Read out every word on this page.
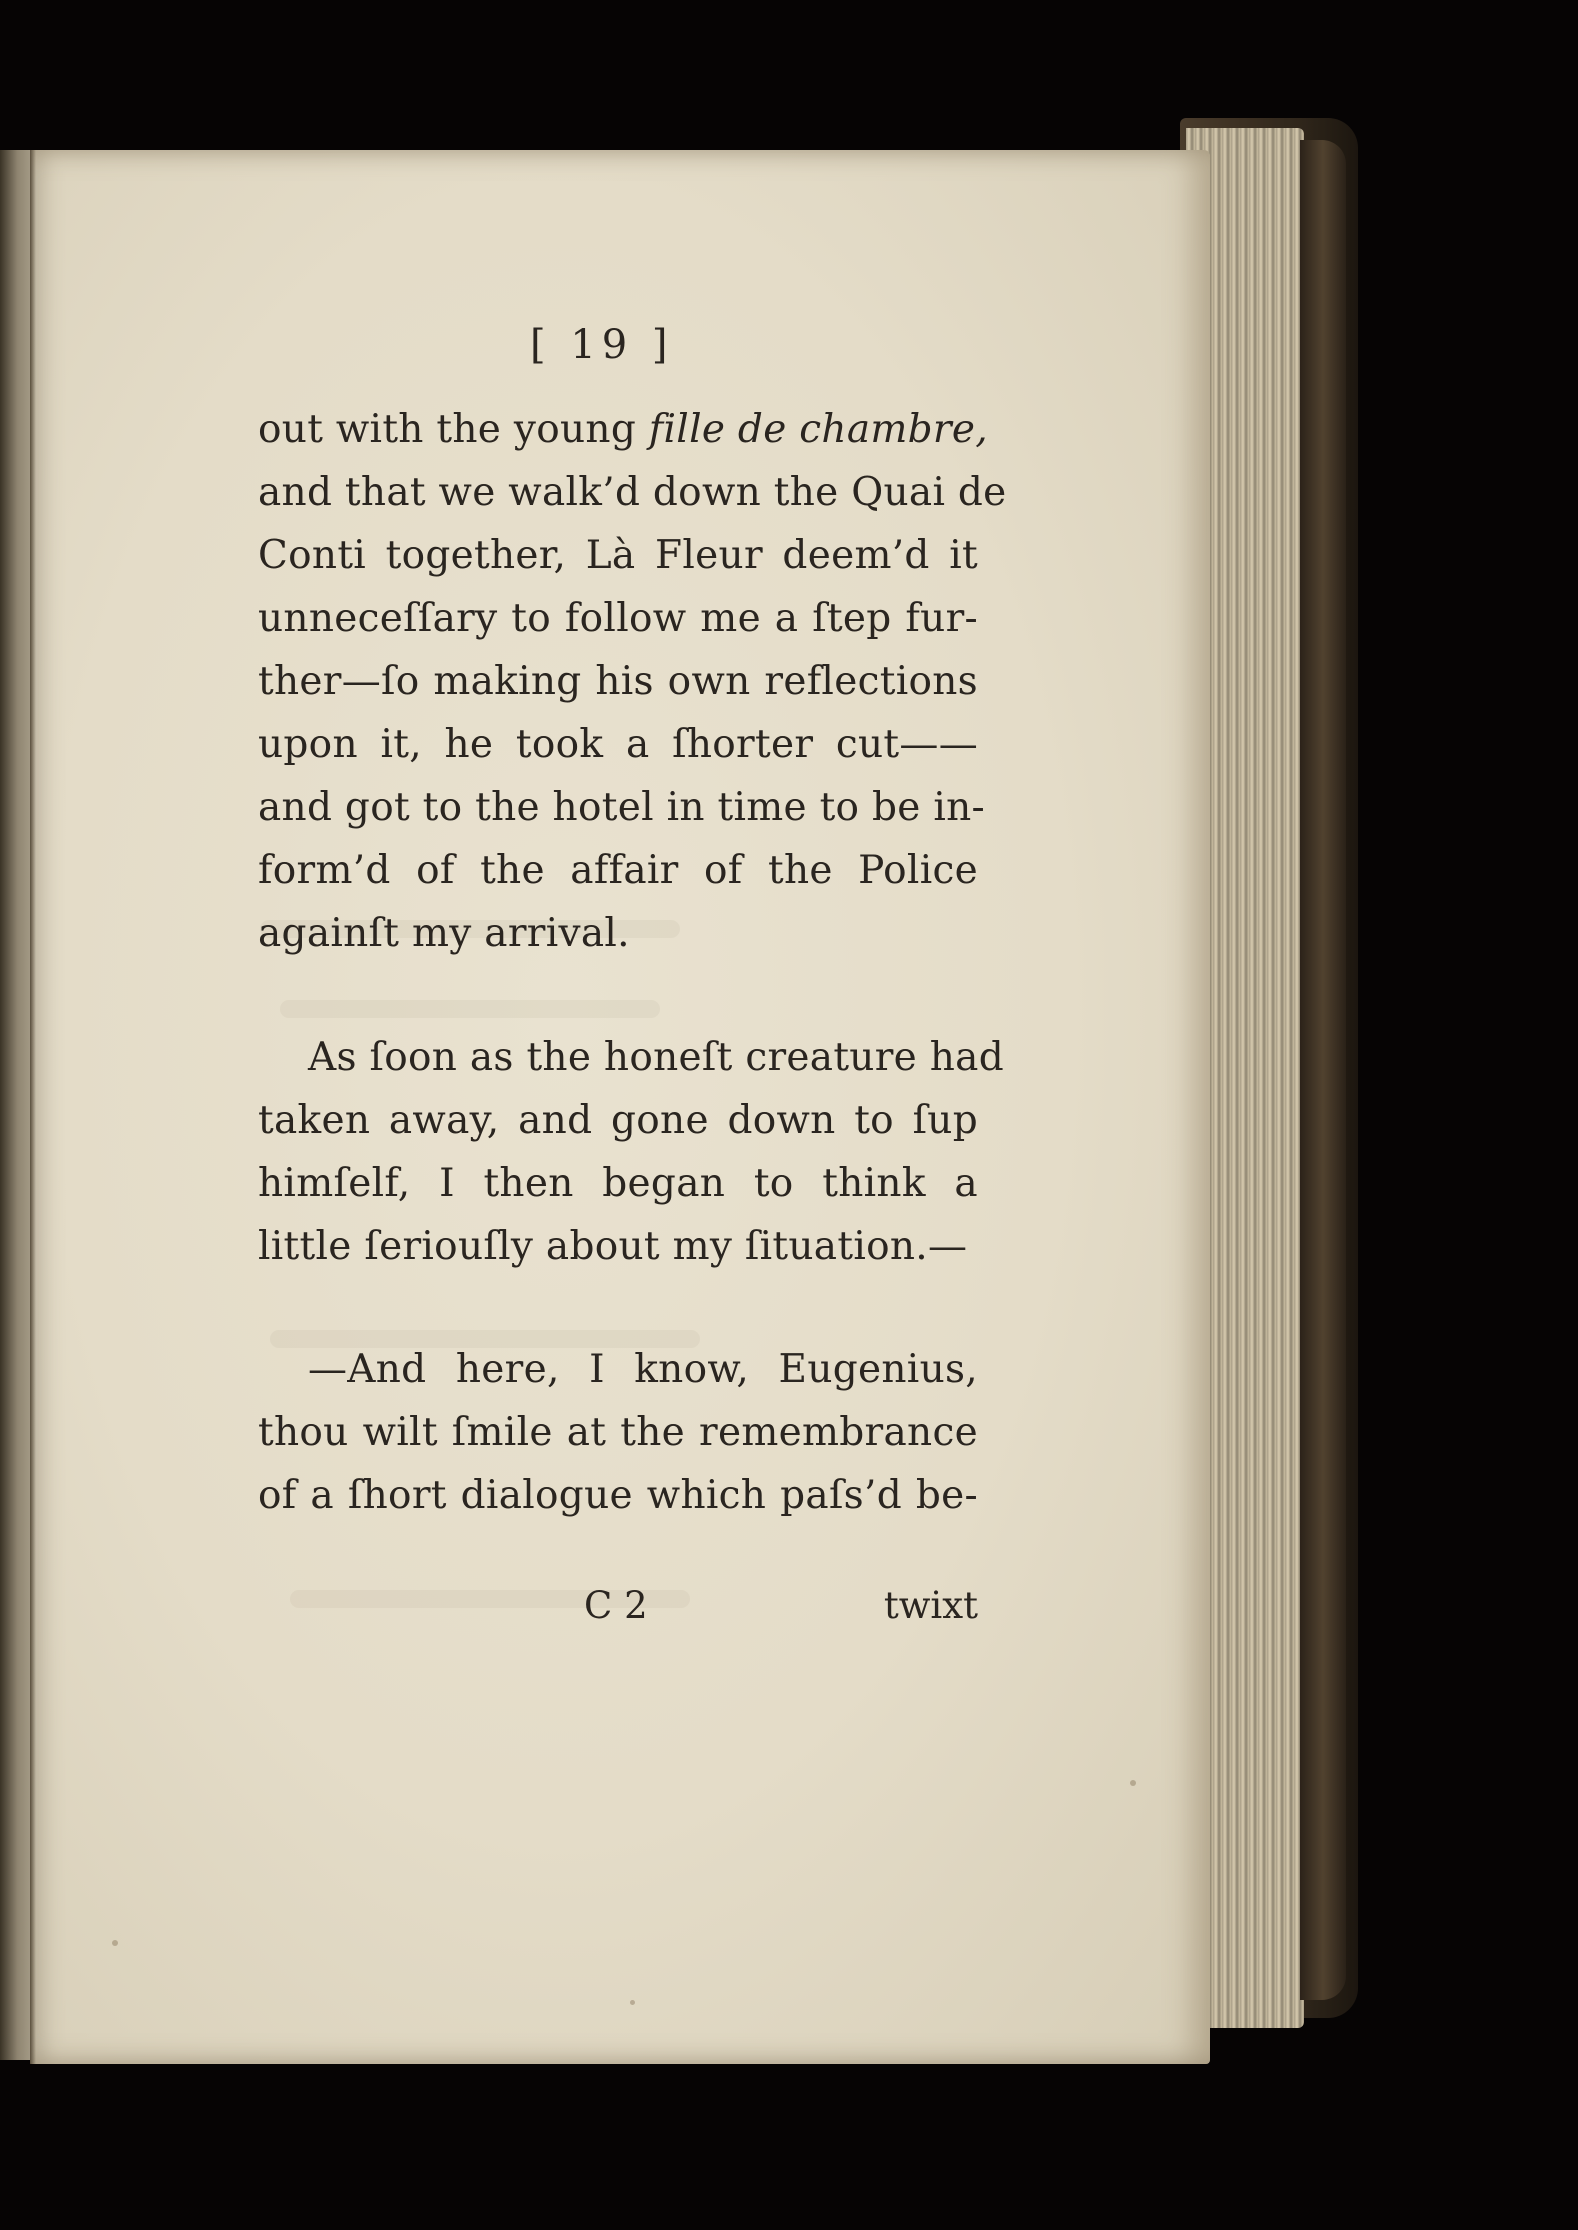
[ 19 ]
out with the young fille de chambre,
and that we walk’d down the Quai de
Conti together, Là Fleur deem’d it
unneceſſary to follow me a ſtep fur-
ther—ſo making his own reflections
upon it, he took a ſhorter cut——
and got to the hotel in time to be in-
form’d of the affair of the Police
againſt my arrival.
As ſoon as the honeſt creature had
taken away, and gone down to ſup
himſelf, I then began to think a
little ſeriouſly about my ſituation.—
—And here, I know, Eugenius,
thou wilt ſmile at the remembrance
of a ſhort dialogue which paſs’d be-
C 2	twixt
